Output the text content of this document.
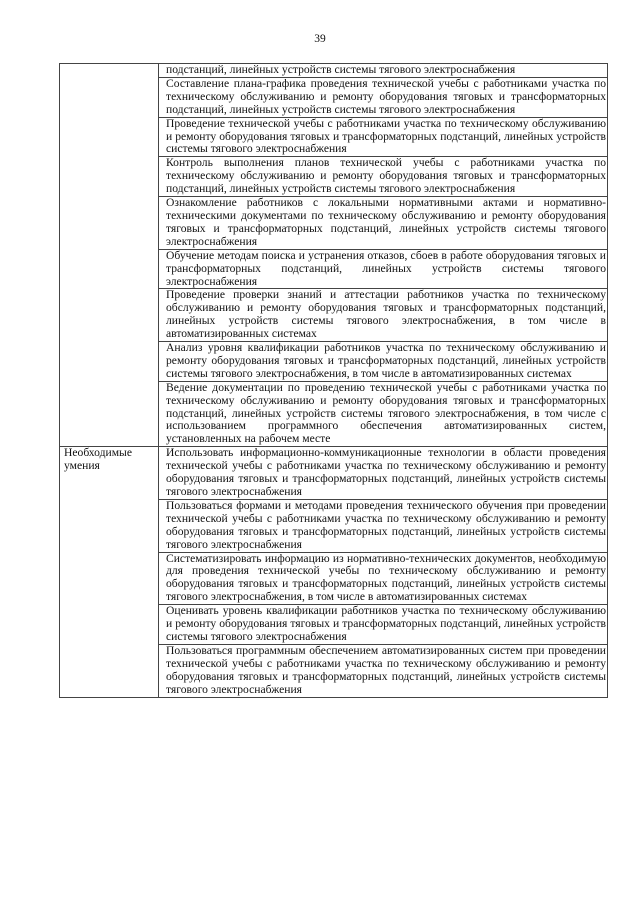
39
	подстанций, линейных устройств системы тягового электроснабжения
	Составление плана-графика проведения технической учебы с работниками участка по техническому обслуживанию и ремонту оборудования тяговых и трансформаторных подстанций, линейных устройств системы тягового электроснабжения
	Проведение технической учебы с работниками участка по техническому обслуживанию и ремонту оборудования тяговых и трансформаторных подстанций, линейных устройств системы тягового электроснабжения
	Контроль выполнения планов технической учебы с работниками участка по техническому обслуживанию и ремонту оборудования тяговых и трансформаторных подстанций, линейных устройств системы тягового электроснабжения
	Ознакомление работников с локальными нормативными актами и нормативно-техническими документами по техническому обслуживанию и ремонту оборудования тяговых и трансформаторных подстанций, линейных устройств системы тягового электроснабжения
	Обучение методам поиска и устранения отказов, сбоев в работе оборудования тяговых и трансформаторных подстанций, линейных устройств системы тягового электроснабжения
	Проведение проверки знаний и аттестации работников участка по техническому обслуживанию и ремонту оборудования тяговых и трансформаторных подстанций, линейных устройств системы тягового электроснабжения, в том числе в автоматизированных системах
	Анализ уровня квалификации работников участка по техническому обслуживанию и ремонту оборудования тяговых и трансформаторных подстанций, линейных устройств системы тягового электроснабжения, в том числе в автоматизированных системах
	Ведение документации по проведению технической учебы с работниками участка по техническому обслуживанию и ремонту оборудования тяговых и трансформаторных подстанций, линейных устройств системы тягового электроснабжения, в том числе с использованием программного обеспечения автоматизированных систем, установленных на рабочем месте
Необходимые умения	Использовать информационно-коммуникационные технологии в области проведения технической учебы с работниками участка по техническому обслуживанию и ремонту оборудования тяговых и трансформаторных подстанций, линейных устройств системы тягового электроснабжения
	Пользоваться формами и методами проведения технического обучения при проведении технической учебы с работниками участка по техническому обслуживанию и ремонту оборудования тяговых и трансформаторных подстанций, линейных устройств системы тягового электроснабжения
	Систематизировать информацию из нормативно-технических документов, необходимую для проведения технической учебы по техническому обслуживанию и ремонту оборудования тяговых и трансформаторных подстанций, линейных устройств системы тягового электроснабжения, в том числе в автоматизированных системах
	Оценивать уровень квалификации работников участка по техническому обслуживанию и ремонту оборудования тяговых и трансформаторных подстанций, линейных устройств системы тягового электроснабжения
	Пользоваться программным обеспечением автоматизированных систем при проведении технической учебы с работниками участка по техническому обслуживанию и ремонту оборудования тяговых и трансформаторных подстанций, линейных устройств системы тягового электроснабжения
